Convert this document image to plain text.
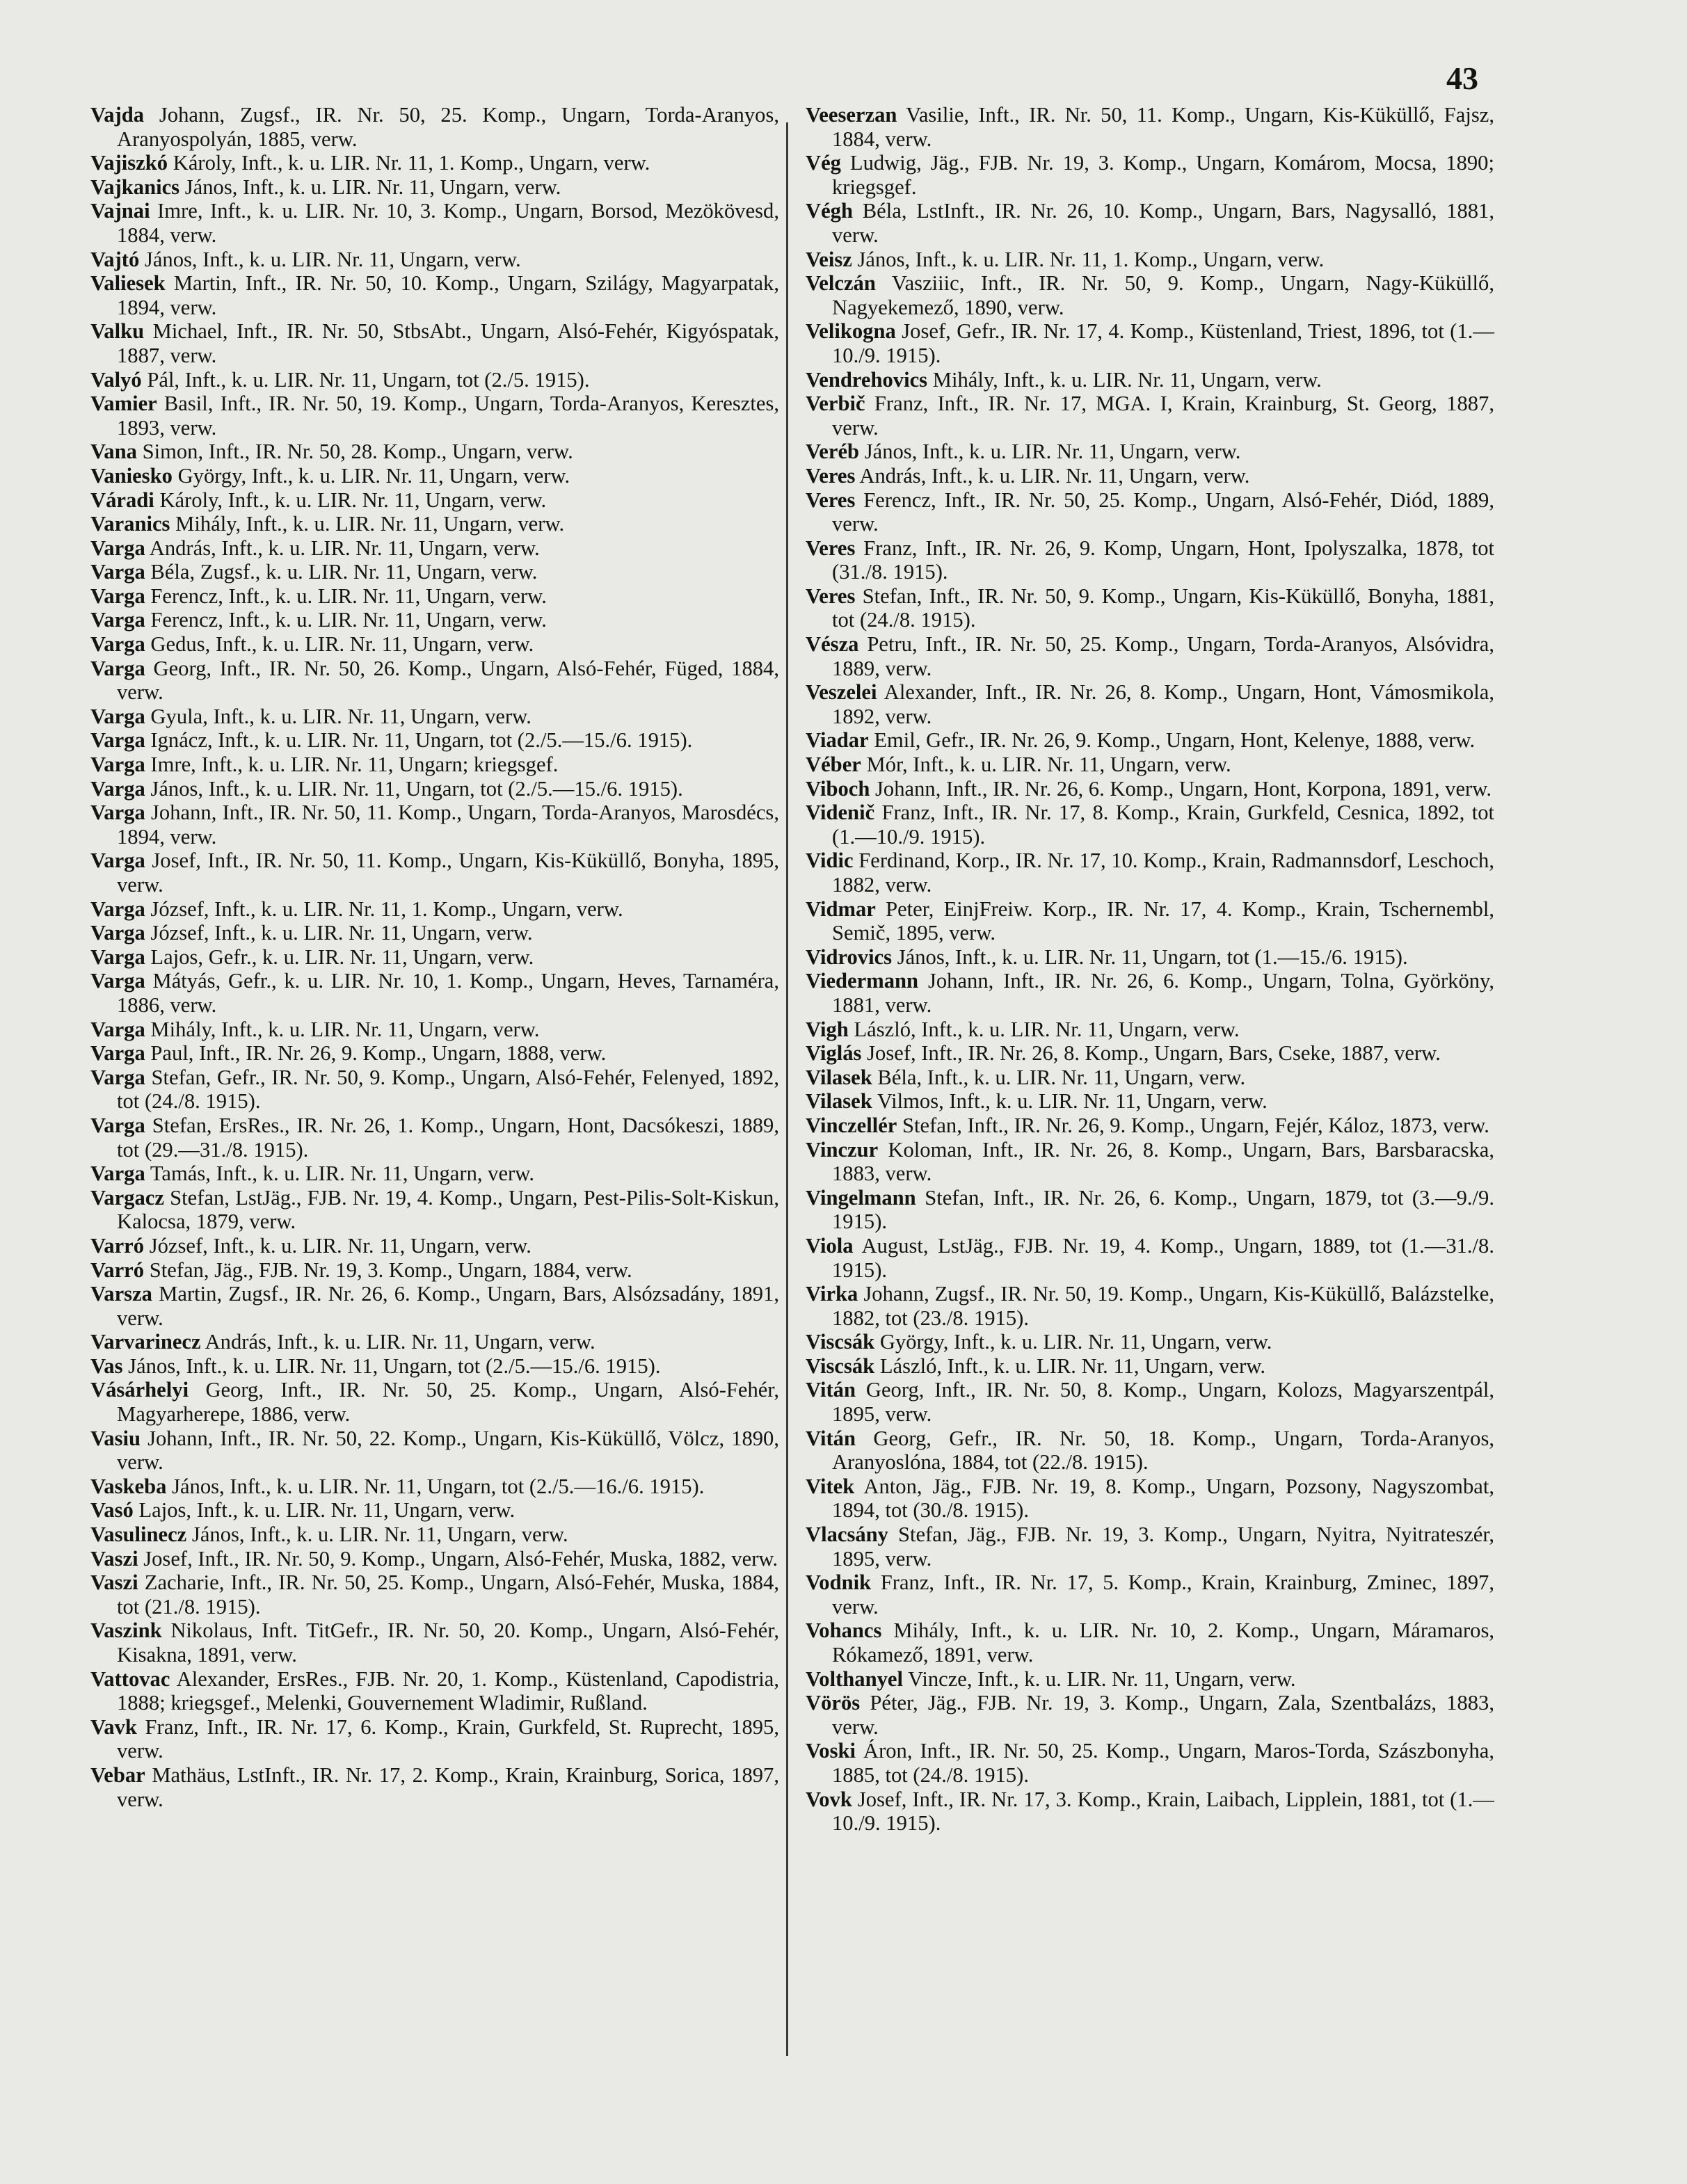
43

Vajda Johann, Zugsf., IR. Nr. 50, 25. Komp., Ungarn, Torda-Aranyos, Aranyospolyán, 1885, verw.

Vajiszkó Károly, Inft., k. u. LIR. Nr. 11, 1. Komp., Ungarn, verw.

Vajkanics János, Inft., k. u. LIR. Nr. 11, Ungarn, verw.

Vajnai Imre, Inft., k. u. LIR. Nr. 10, 3. Komp., Ungarn, Borsod, Mezökövesd, 1884, verw.

Vajtó János, Inft., k. u. LIR. Nr. 11, Ungarn, verw.

Valiesek Martin, Inft., IR. Nr. 50, 10. Komp., Ungarn, Szilágy, Magyarpatak, 1894, verw.

Valku Michael, Inft., IR. Nr. 50, StbsAbt., Ungarn, Alsó-Fehér, Kigyóspatak, 1887, verw.

Valyó Pál, Inft., k. u. LIR. Nr. 11, Ungarn, tot (2./5. 1915).

Vamier Basil, Inft., IR. Nr. 50, 19. Komp., Ungarn, Torda-Aranyos, Keresztes, 1893, verw.

Vana Simon, Inft., IR. Nr. 50, 28. Komp., Ungarn, verw.

Vaniesko György, Inft., k. u. LIR. Nr. 11, Ungarn, verw.

Váradi Károly, Inft., k. u. LIR. Nr. 11, Ungarn, verw.

Varanics Mihály, Inft., k. u. LIR. Nr. 11, Ungarn, verw.

Varga András, Inft., k. u. LIR. Nr. 11, Ungarn, verw.

Varga Béla, Zugsf., k. u. LIR. Nr. 11, Ungarn, verw.

Varga Ferencz, Inft., k. u. LIR. Nr. 11, Ungarn, verw.

Varga Ferencz, Inft., k. u. LIR. Nr. 11, Ungarn, verw.

Varga Gedus, Inft., k. u. LIR. Nr. 11, Ungarn, verw.

Varga Georg, Inft., IR. Nr. 50, 26. Komp., Ungarn, Alsó-Fehér, Füged, 1884, verw.

Varga Gyula, Inft., k. u. LIR. Nr. 11, Ungarn, verw.

Varga Ignácz, Inft., k. u. LIR. Nr. 11, Ungarn, tot (2./5.—15./6. 1915).

Varga Imre, Inft., k. u. LIR. Nr. 11, Ungarn; kriegsgef.

Varga János, Inft., k. u. LIR. Nr. 11, Ungarn, tot (2./5.—15./6. 1915).

Varga Johann, Inft., IR. Nr. 50, 11. Komp., Ungarn, Torda-Aranyos, Marosdécs, 1894, verw.

Varga Josef, Inft., IR. Nr. 50, 11. Komp., Ungarn, Kis-Küküllő, Bonyha, 1895, verw.

Varga József, Inft., k. u. LIR. Nr. 11, 1. Komp., Ungarn, verw.

Varga József, Inft., k. u. LIR. Nr. 11, Ungarn, verw.

Varga Lajos, Gefr., k. u. LIR. Nr. 11, Ungarn, verw.

Varga Mátyás, Gefr., k. u. LIR. Nr. 10, 1. Komp., Ungarn, Heves, Tarnaméra, 1886, verw.

Varga Mihály, Inft., k. u. LIR. Nr. 11, Ungarn, verw.

Varga Paul, Inft., IR. Nr. 26, 9. Komp., Ungarn, 1888, verw.

Varga Stefan, Gefr., IR. Nr. 50, 9. Komp., Ungarn, Alsó-Fehér, Felenyed, 1892, tot (24./8. 1915).

Varga Stefan, ErsRes., IR. Nr. 26, 1. Komp., Ungarn, Hont, Dacsókeszi, 1889, tot (29.—31./8. 1915).

Varga Tamás, Inft., k. u. LIR. Nr. 11, Ungarn, verw.

Vargacz Stefan, LstJäg., FJB. Nr. 19, 4. Komp., Ungarn, Pest-Pilis-Solt-Kiskun, Kalocsa, 1879, verw.

Varró József, Inft., k. u. LIR. Nr. 11, Ungarn, verw.

Varró Stefan, Jäg., FJB. Nr. 19, 3. Komp., Ungarn, 1884, verw.

Varsza Martin, Zugsf., IR. Nr. 26, 6. Komp., Ungarn, Bars, Alsózsadány, 1891, verw.

Varvarinecz András, Inft., k. u. LIR. Nr. 11, Ungarn, verw.

Vas János, Inft., k. u. LIR. Nr. 11, Ungarn, tot (2./5.—15./6. 1915).

Vásárhelyi Georg, Inft., IR. Nr. 50, 25. Komp., Ungarn, Alsó-Fehér, Magyarherepe, 1886, verw.

Vasiu Johann, Inft., IR. Nr. 50, 22. Komp., Ungarn, Kis-Küküllő, Völcz, 1890, verw.

Vaskeba János, Inft., k. u. LIR. Nr. 11, Ungarn, tot (2./5.—16./6. 1915).

Vasó Lajos, Inft., k. u. LIR. Nr. 11, Ungarn, verw.

Vasulinecz János, Inft., k. u. LIR. Nr. 11, Ungarn, verw.

Vaszi Josef, Inft., IR. Nr. 50, 9. Komp., Ungarn, Alsó-Fehér, Muska, 1882, verw.

Vaszi Zacharie, Inft., IR. Nr. 50, 25. Komp., Ungarn, Alsó-Fehér, Muska, 1884, tot (21./8. 1915).

Vaszink Nikolaus, Inft. TitGefr., IR. Nr. 50, 20. Komp., Ungarn, Alsó-Fehér, Kisakna, 1891, verw.

Vattovac Alexander, ErsRes., FJB. Nr. 20, 1. Komp., Küstenland, Capodistria, 1888; kriegsgef., Melenki, Gouvernement Wladimir, Rußland.

Vavk Franz, Inft., IR. Nr. 17, 6. Komp., Krain, Gurkfeld, St. Ruprecht, 1895, verw.

Vebar Mathäus, LstInft., IR. Nr. 17, 2. Komp., Krain, Krainburg, Sorica, 1897, verw.

Veeserzan Vasilie, Inft., IR. Nr. 50, 11. Komp., Ungarn, Kis-Küküllő, Fajsz, 1884, verw.

Vég Ludwig, Jäg., FJB. Nr. 19, 3. Komp., Ungarn, Komárom, Mocsa, 1890; kriegsgef.

Végh Béla, LstInft., IR. Nr. 26, 10. Komp., Ungarn, Bars, Nagysalló, 1881, verw.

Veisz János, Inft., k. u. LIR. Nr. 11, 1. Komp., Ungarn, verw.

Velczán Vasziiic, Inft., IR. Nr. 50, 9. Komp., Ungarn, Nagy-Küküllő, Nagyekemező, 1890, verw.

Velikogna Josef, Gefr., IR. Nr. 17, 4. Komp., Küstenland, Triest, 1896, tot (1.—10./9. 1915).

Vendrehovics Mihály, Inft., k. u. LIR. Nr. 11, Ungarn, verw.

Verbič Franz, Inft., IR. Nr. 17, MGA. I, Krain, Krainburg, St. Georg, 1887, verw.

Veréb János, Inft., k. u. LIR. Nr. 11, Ungarn, verw.

Veres András, Inft., k. u. LIR. Nr. 11, Ungarn, verw.

Veres Ferencz, Inft., IR. Nr. 50, 25. Komp., Ungarn, Alsó-Fehér, Diód, 1889, verw.

Veres Franz, Inft., IR. Nr. 26, 9. Komp, Ungarn, Hont, Ipolyszalka, 1878, tot (31./8. 1915).

Veres Stefan, Inft., IR. Nr. 50, 9. Komp., Ungarn, Kis-Küküllő, Bonyha, 1881, tot (24./8. 1915).

Vésza Petru, Inft., IR. Nr. 50, 25. Komp., Ungarn, Torda-Aranyos, Alsóvidra, 1889, verw.

Veszelei Alexander, Inft., IR. Nr. 26, 8. Komp., Ungarn, Hont, Vámosmikola, 1892, verw.

Viadar Emil, Gefr., IR. Nr. 26, 9. Komp., Ungarn, Hont, Kelenye, 1888, verw.

Véber Mór, Inft., k. u. LIR. Nr. 11, Ungarn, verw.

Viboch Johann, Inft., IR. Nr. 26, 6. Komp., Ungarn, Hont, Korpona, 1891, verw.

Videnič Franz, Inft., IR. Nr. 17, 8. Komp., Krain, Gurkfeld, Cesnica, 1892, tot (1.—10./9. 1915).

Vidic Ferdinand, Korp., IR. Nr. 17, 10. Komp., Krain, Radmannsdorf, Leschoch, 1882, verw.

Vidmar Peter, EinjFreiw. Korp., IR. Nr. 17, 4. Komp., Krain, Tschernembl, Semič, 1895, verw.

Vidrovics János, Inft., k. u. LIR. Nr. 11, Ungarn, tot (1.—15./6. 1915).

Viedermann Johann, Inft., IR. Nr. 26, 6. Komp., Ungarn, Tolna, Györköny, 1881, verw.

Vigh László, Inft., k. u. LIR. Nr. 11, Ungarn, verw.

Viglás Josef, Inft., IR. Nr. 26, 8. Komp., Ungarn, Bars, Cseke, 1887, verw.

Vilasek Béla, Inft., k. u. LIR. Nr. 11, Ungarn, verw.

Vilasek Vilmos, Inft., k. u. LIR. Nr. 11, Ungarn, verw.

Vinczellér Stefan, Inft., IR. Nr. 26, 9. Komp., Ungarn, Fejér, Káloz, 1873, verw.

Vinczur Koloman, Inft., IR. Nr. 26, 8. Komp., Ungarn, Bars, Barsbaracska, 1883, verw.

Vingelmann Stefan, Inft., IR. Nr. 26, 6. Komp., Ungarn, 1879, tot (3.—9./9. 1915).

Viola August, LstJäg., FJB. Nr. 19, 4. Komp., Ungarn, 1889, tot (1.—31./8. 1915).

Virka Johann, Zugsf., IR. Nr. 50, 19. Komp., Ungarn, Kis-Küküllő, Balázstelke, 1882, tot (23./8. 1915).

Viscsák György, Inft., k. u. LIR. Nr. 11, Ungarn, verw.

Viscsák László, Inft., k. u. LIR. Nr. 11, Ungarn, verw.

Vitán Georg, Inft., IR. Nr. 50, 8. Komp., Ungarn, Kolozs, Magyarszentpál, 1895, verw.

Vitán Georg, Gefr., IR. Nr. 50, 18. Komp., Ungarn, Torda-Aranyos, Aranyoslóna, 1884, tot (22./8. 1915).

Vitek Anton, Jäg., FJB. Nr. 19, 8. Komp., Ungarn, Pozsony, Nagyszombat, 1894, tot (30./8. 1915).

Vlacsány Stefan, Jäg., FJB. Nr. 19, 3. Komp., Ungarn, Nyitra, Nyitrateszér, 1895, verw.

Vodnik Franz, Inft., IR. Nr. 17, 5. Komp., Krain, Krainburg, Zminec, 1897, verw.

Vohancs Mihály, Inft., k. u. LIR. Nr. 10, 2. Komp., Ungarn, Máramaros, Rókamező, 1891, verw.

Volthanyel Vincze, Inft., k. u. LIR. Nr. 11, Ungarn, verw.

Vörös Péter, Jäg., FJB. Nr. 19, 3. Komp., Ungarn, Zala, Szentbalázs, 1883, verw.

Voski Áron, Inft., IR. Nr. 50, 25. Komp., Ungarn, Maros-Torda, Szászbonyha, 1885, tot (24./8. 1915).

Vovk Josef, Inft., IR. Nr. 17, 3. Komp., Krain, Laibach, Lipplein, 1881, tot (1.—10./9. 1915).
